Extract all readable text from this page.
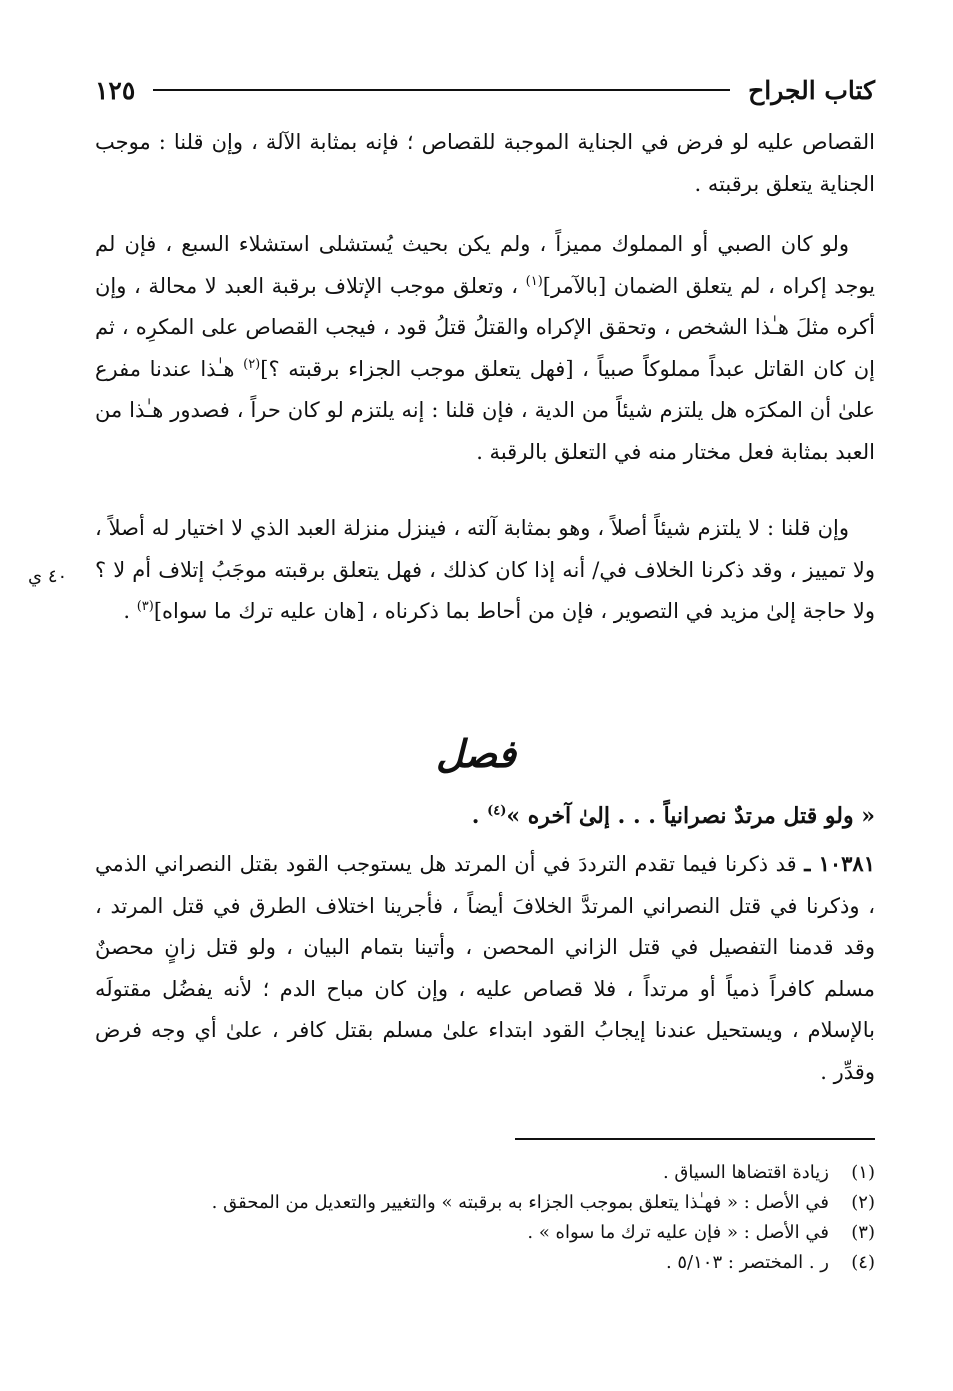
كتاب الجراح
١٢٥

القصاص عليه لو فرض في الجناية الموجبة للقصاص ؛ فإنه بمثابة الآلة ، وإن قلنا : موجب الجناية يتعلق برقبته .

ولو كان الصبي أو المملوك مميزاً ، ولم يكن بحيث يُستشلى استشلاء السبع ، فإن لم يوجد إكراه ، لم يتعلق الضمان [بالآمر]$^{(١)}$ ، وتعلق موجب الإتلاف برقبة العبد لا محالة ، وإن أكره مثلَ هـٰذا الشخص ، وتحقق الإكراه والقتلُ قتلُ قود ، فيجب القصاص على المكرِه ، ثم إن كان القاتل عبداً مملوكاً صبياً ، [فهل يتعلق موجب الجزاء برقبته ؟]$^{(٢)}$ هـٰذا عندنا مفرع علىٰ أن المكرَه هل يلتزم شيئاً من الدية ، فإن قلنا : إنه يلتزم لو كان حراً ، فصدور هـٰذا من العبد بمثابة فعل مختار منه في التعلق بالرقبة .

وإن قلنا : لا يلتزم شيئاً أصلاً ، وهو بمثابة آلته ، فينزل منزلة العبد الذي لا اختيار له أصلاً ، ولا تمييز ، وقد ذكرنا الخلاف في/ أنه إذا كان كذلك ، فهل يتعلق برقبته موجَبُ إتلاف أم لا ؟ ولا حاجة إلىٰ مزيد في التصوير ، فإن من أحاط بما ذكرناه ، [هان عليه ترك ما سواه]$^{(٣)}$ .

٤٠ ي
فصل
« ولو قتل مرتدٌ نصرانياً . . . إلىٰ آخره »$^{(٤)}$ .

١٠٣٨١ ـ قد ذكرنا فيما تقدم الترددَ في أن المرتد هل يستوجب القود بقتل النصراني الذمي ، وذكرنا في قتل النصراني المرتدَّ الخلافَ أيضاً ، فأجرينا اختلاف الطرق في قتل المرتد ، وقد قدمنا التفصيل في قتل الزاني المحصن ، وأتينا بتمام البيان ، ولو قتل زانٍ محصنٌ مسلم كافراً ذمياً أو مرتداً ، فلا قصاص عليه ، وإن كان مباح الدم ؛ لأنه يفضُل مقتولَه بالإسلام ، ويستحيل عندنا إيجابُ القود ابتداء علىٰ مسلم بقتل كافر ، علىٰ أي وجه فرض وقدِّر .

(١)
زيادة اقتضاها السياق .
(٢)
في الأصل : « فهـٰذا يتعلق بموجب الجزاء به برقبته » والتغيير والتعديل من المحقق .
(٣)
في الأصل : « فإن عليه ترك ما سواه » .
(٤)
ر . المختصر : ٥/١٠٣ .
